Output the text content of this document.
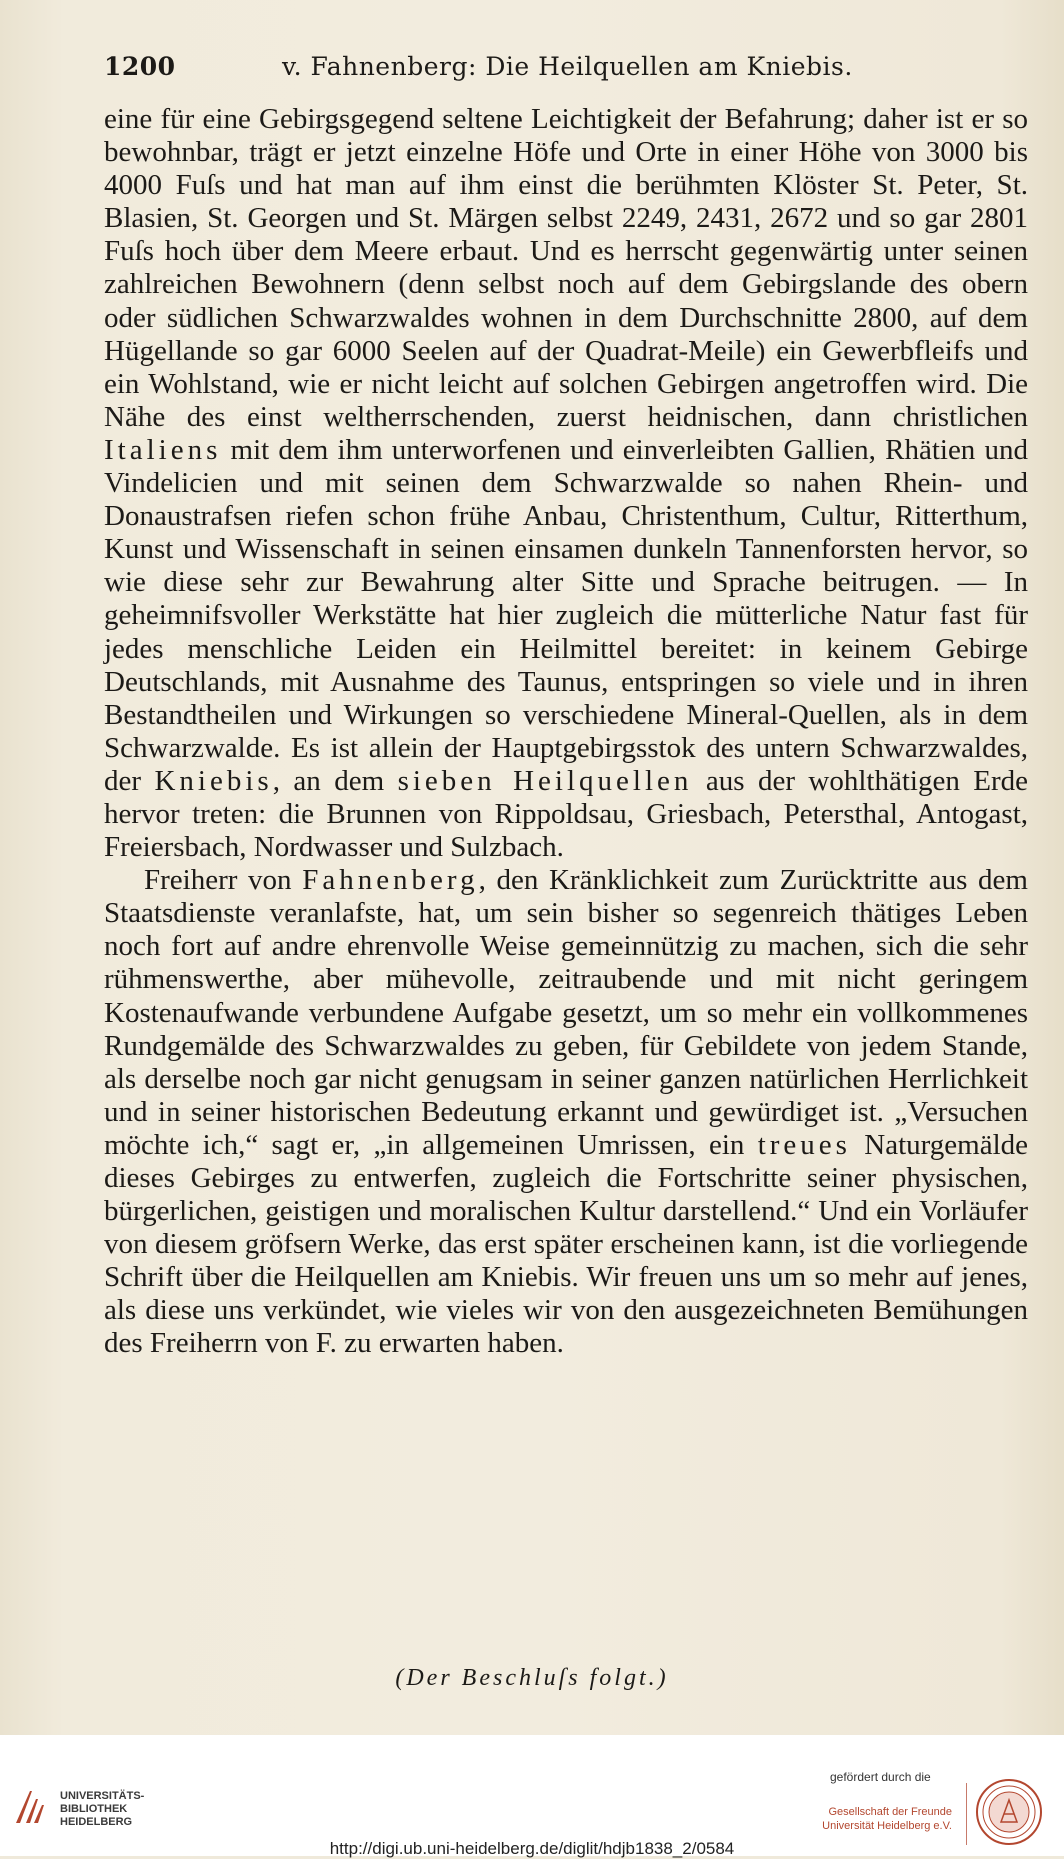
1200	v. Fahnenberg: Die Heilquellen am Kniebis.

eine für eine Gebirgsgegend seltene Leichtigkeit der Befahrung; daher ist er so bewohnbar, trägt er jetzt einzelne Höfe und Orte in einer Höhe von 3000 bis 4000 Fuſs und hat man auf ihm einst die berühmten Klöster St. Peter, St. Blasien, St. Georgen und St. Märgen selbst 2249, 2431, 2672 und so gar 2801 Fuſs hoch über dem Meere erbaut. Und es herrscht gegenwärtig unter seinen zahlreichen Bewohnern (denn selbst noch auf dem Gebirgslande des obern oder südlichen Schwarzwaldes wohnen in dem Durchschnitte 2800, auf dem Hügellande so gar 6000 Seelen auf der Quadrat-Meile) ein Gewerbfleifs und ein Wohlstand, wie er nicht leicht auf solchen Gebirgen angetroffen wird. Die Nähe des einst weltherrschenden, zuerst heidnischen, dann christlichen Italiens mit dem ihm unterworfenen und einverleibten Gallien, Rhätien und Vindelicien und mit seinen dem Schwarzwalde so nahen Rhein- und Donaustrafsen riefen schon frühe Anbau, Christenthum, Cultur, Ritterthum, Kunst und Wissenschaft in seinen einsamen dunkeln Tannenforsten hervor, so wie diese sehr zur Bewahrung alter Sitte und Sprache beitrugen. — In geheimnifsvoller Werkstätte hat hier zugleich die mütterliche Natur fast für jedes menschliche Leiden ein Heilmittel bereitet: in keinem Gebirge Deutschlands, mit Ausnahme des Taunus, entspringen so viele und in ihren Bestandtheilen und Wirkungen so verschiedene Mineral-Quellen, als in dem Schwarzwalde. Es ist allein der Hauptgebirgsstok des untern Schwarzwaldes, der Kniebis, an dem sieben Heilquellen aus der wohlthätigen Erde hervor treten: die Brunnen von Rippoldsau, Griesbach, Petersthal, Antogast, Freiersbach, Nordwasser und Sulzbach.

Freiherr von Fahnenberg, den Kränklichkeit zum Zurücktritte aus dem Staatsdienste veranlafste, hat, um sein bisher so segenreich thätiges Leben noch fort auf andre ehrenvolle Weise gemeinnützig zu machen, sich die sehr rühmenswerthe, aber mühevolle, zeitraubende und mit nicht geringem Kostenaufwande verbundene Aufgabe gesetzt, um so mehr ein vollkommenes Rundgemälde des Schwarzwaldes zu geben, für Gebildete von jedem Stande, als derselbe noch gar nicht genugsam in seiner ganzen natürlichen Herrlichkeit und in seiner historischen Bedeutung erkannt und gewürdiget ist. „Versuchen möchte ich,“ sagt er, „in allgemeinen Umrissen, ein treues Naturgemälde dieses Gebirges zu entwerfen, zugleich die Fortschritte seiner physischen, bürgerlichen, geistigen und moralischen Kultur darstellend.“ Und ein Vorläufer von diesem gröfsern Werke, das erst später erscheinen kann, ist die vorliegende Schrift über die Heilquellen am Kniebis. Wir freuen uns um so mehr auf jenes, als diese uns verkündet, wie vieles wir von den ausgezeichneten Bemühungen des Freiherrn von F. zu erwarten haben.

(Der Beschluſs folgt.)
UNIVERSITÄTS-
BIBLIOTHEK
HEIDELBERG
http://digi.ub.uni-heidelberg.de/diglit/hdjb1838_2/0584
gefördert durch die
Gesellschaft der Freunde
Universität Heidelberg e.V.
